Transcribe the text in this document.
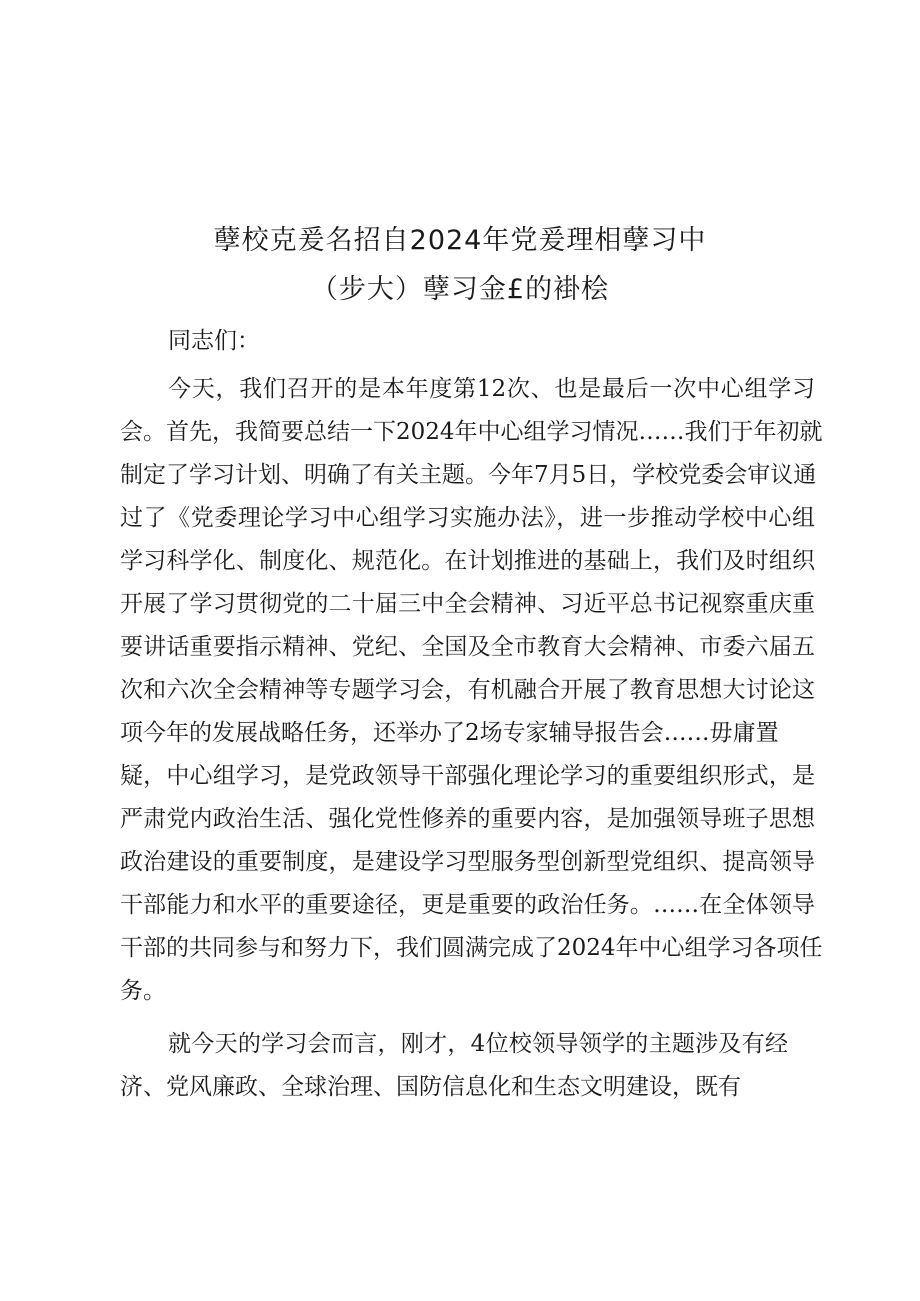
孽校克爰名招自2024年党爰理相孽习中
（步大）孽习金£的褂桧
同志们：
今天，我们召开的是本年度第12次、也是最后一次中心组学习
会。首先，我简要总结一下2024年中心组学习情况……我们于年初就
制定了学习计划、明确了有关主题。今年7月5日，学校党委会审议通
过了《党委理论学习中心组学习实施办法》，进一步推动学校中心组
学习科学化、制度化、规范化。在计划推进的基础上，我们及时组织
开展了学习贯彻党的二十届三中全会精神、习近平总书记视察重庆重
要讲话重要指示精神、党纪、全国及全市教育大会精神、市委六届五
次和六次全会精神等专题学习会，有机融合开展了教育思想大讨论这
项今年的发展战略任务，还举办了2场专家辅导报告会……毋庸置
疑，中心组学习，是党政领导干部强化理论学习的重要组织形式，是
严肃党内政治生活、强化党性修养的重要内容，是加强领导班子思想
政治建设的重要制度，是建设学习型服务型创新型党组织、提高领导
干部能力和水平的重要途径，更是重要的政治任务。……在全体领导
干部的共同参与和努力下，我们圆满完成了2024年中心组学习各项任
务。
就今天的学习会而言，刚才，4位校领导领学的主题涉及有经
济、党风廉政、全球治理、国防信息化和生态文明建设，既有
